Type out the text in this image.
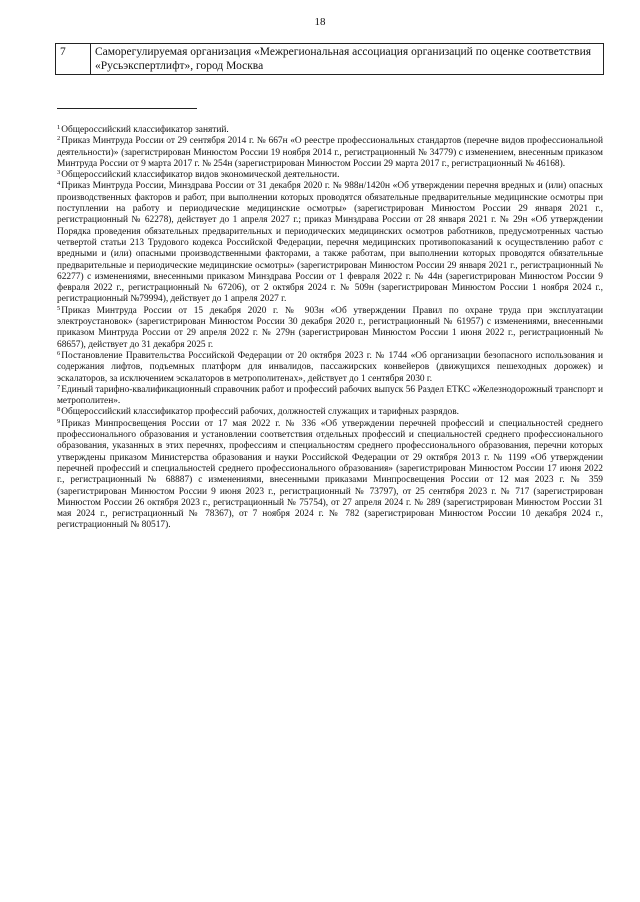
18
7	Саморегулируемая организация «Межрегиональная ассоциация организаций по оценке соответствия «Русьэкспертлифт», город Москва

$^1$Общероссийский классификатор занятий.

$^2$Приказ Минтруда России от 29 сентября 2014 г. № 667н «О реестре профессиональных стандартов (перечне видов профессиональной деятельности)» (зарегистрирован Минюстом России 19 ноября 2014 г., регистрационный № 34779) с изменением, внесенным приказом Минтруда России от 9 марта 2017 г. № 254н (зарегистрирован Минюстом России 29 марта 2017 г., регистрационный № 46168).

$^3$Общероссийский классификатор видов экономической деятельности.

$^4$Приказ Минтруда России, Минздрава России от 31 декабря 2020 г. № 988н/1420н «Об утверждении перечня вредных и (или) опасных производственных факторов и работ, при выполнении которых проводятся обязательные предварительные медицинские осмотры при поступлении на работу и периодические медицинские осмотры» (зарегистрирован Минюстом России 29 января 2021 г., регистрационный № 62278), действует до 1 апреля 2027 г.; приказ Минздрава России от 28 января 2021 г. № 29н «Об утверждении Порядка проведения обязательных предварительных и периодических медицинских осмотров работников, предусмотренных частью четвертой статьи 213 Трудового кодекса Российской Федерации, перечня медицинских противопоказаний к осуществлению работ с вредными и (или) опасными производственными факторами, а также работам, при выполнении которых проводятся обязательные предварительные и периодические медицинские осмотры» (зарегистрирован Минюстом России 29 января 2021 г., регистрационный № 62277) с изменениями, внесенными приказом Минздрава России от 1 февраля 2022 г. № 44н (зарегистрирован Минюстом России 9 февраля 2022 г., регистрационный № 67206), от 2 октября 2024 г. № 509н (зарегистрирован Минюстом России 1 ноября 2024 г., регистрационный №79994), действует до 1 апреля 2027 г.

$^5$Приказ Минтруда России от 15 декабря 2020 г. № 903н «Об утверждении Правил по охране труда при эксплуатации электроустановок» (зарегистрирован Минюстом России 30 декабря 2020 г., регистрационный № 61957) с изменениями, внесенными приказом Минтруда России от 29 апреля 2022 г. № 279н (зарегистрирован Минюстом России 1 июня 2022 г., регистрационный № 68657), действует до 31 декабря 2025 г.

$^6$Постановление Правительства Российской Федерации от 20 октября 2023 г. № 1744 «Об организации безопасного использования и содержания лифтов, подъемных платформ для инвалидов, пассажирских конвейеров (движущихся пешеходных дорожек) и эскалаторов, за исключением эскалаторов в метрополитенах», действует до 1 сентября 2030 г.

$^7$Единый тарифно-квалификационный справочник работ и профессий рабочих выпуск 56 Раздел ЕТКС «Железнодорожный транспорт и метрополитен».

$^8$Общероссийский классификатор профессий рабочих, должностей служащих и тарифных разрядов.

$^9$Приказ Минпросвещения России от 17 мая 2022 г. № 336 «Об утверждении перечней профессий и специальностей среднего профессионального образования и установлении соответствия отдельных профессий и специальностей среднего профессионального образования, указанных в этих перечнях, профессиям и специальностям среднего профессионального образования, перечни которых утверждены приказом Министерства образования и науки Российской Федерации от 29 октября 2013 г. № 1199 «Об утверждении перечней профессий и специальностей среднего профессионального образования» (зарегистрирован Минюстом России 17 июня 2022 г., регистрационный № 68887) с изменениями, внесенными приказами Минпросвещения России от 12 мая 2023 г. № 359 (зарегистрирован Минюстом России 9 июня 2023 г., регистрационный № 73797), от 25 сентября 2023 г. № 717 (зарегистрирован Минюстом России 26 октября 2023 г., регистрационный № 75754), от 27 апреля 2024 г. № 289 (зарегистрирован Минюстом России 31 мая 2024 г., регистрационный № 78367), от 7 ноября 2024 г. № 782 (зарегистрирован Минюстом России 10 декабря 2024 г., регистрационный № 80517).
